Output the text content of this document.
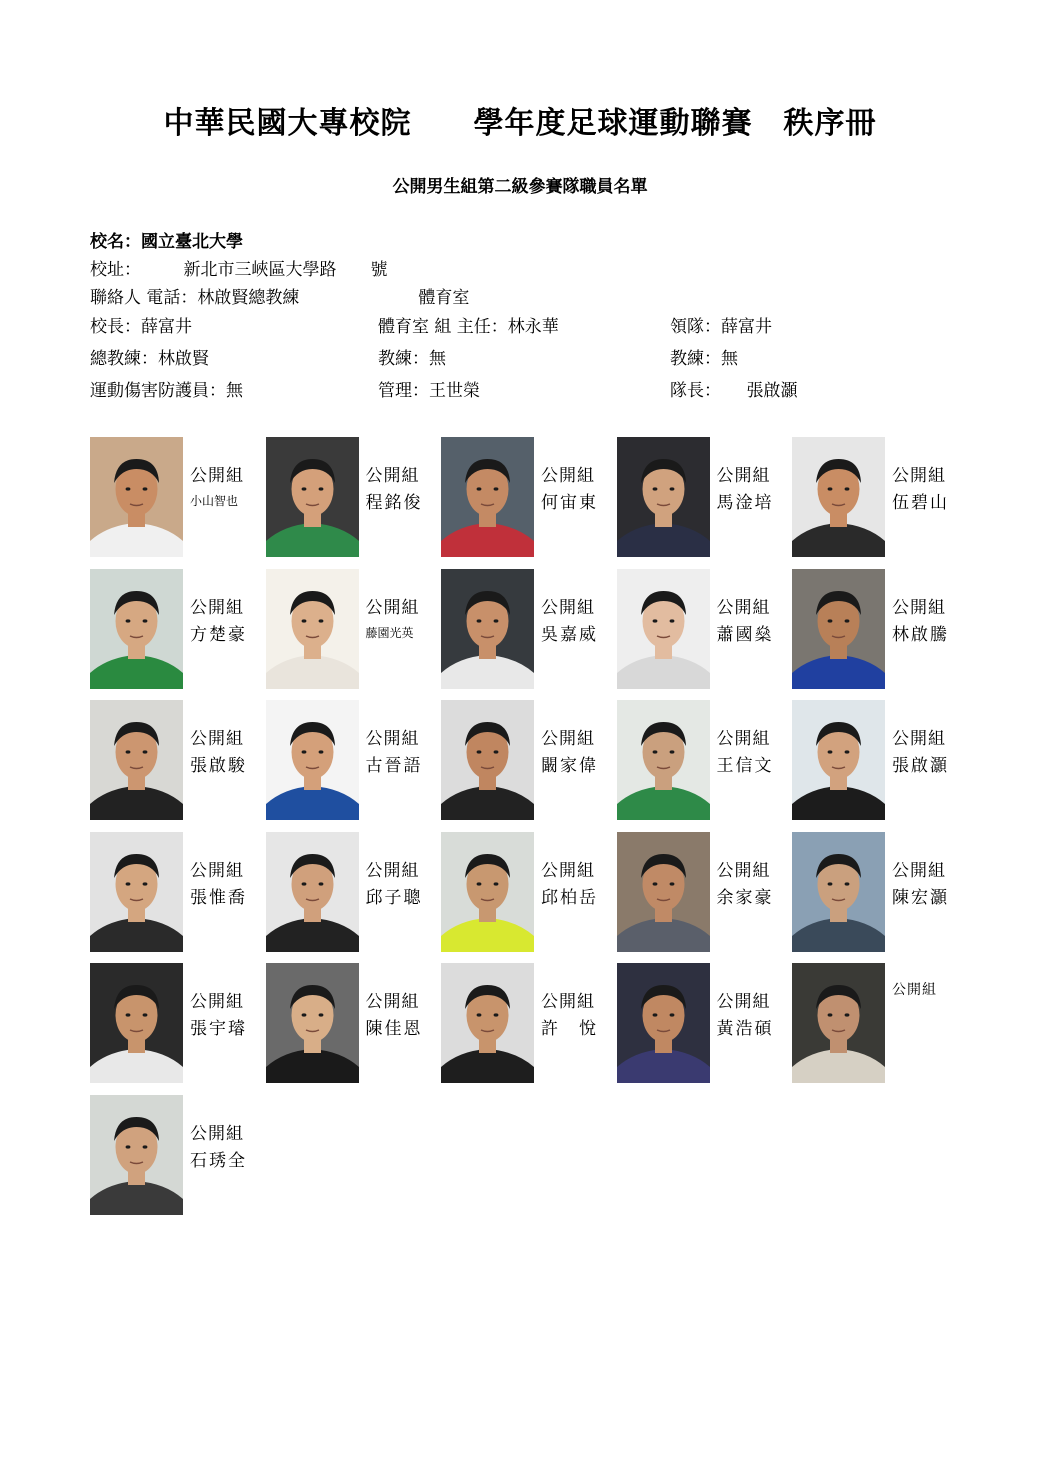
中華民國大專校院　　學年度足球運動聯賽　秩序冊
公開男生組第二級參賽隊職員名單
校名：國立臺北大學
校址：　　　新北市三峽區大學路　　號
聯絡人 電話：林啟賢總教練　　　　　　　體育室
校長：薛富井	體育室 組 主任：林永華	領隊：薛富井
總教練：林啟賢	教練：無	教練：無
運動傷害防護員：無	管理：王世榮	隊長：　　張啟灝
公開組
小山智也
公開組
程銘俊
公開組
何宙東
公開組
馬淦培
公開組
伍碧山
公開組
方楚豪
公開組
藤園光英
公開組
吳嘉威
公開組
蕭國燊
公開組
林啟騰
公開組
張啟駿
公開組
古晉語
公開組
闞家偉
公開組
王信文
公開組
張啟灝
公開組
張惟喬
公開組
邱子聰
公開組
邱柏岳
公開組
余家豪
公開組
陳宏灝
公開組
張宇璿
公開組
陳佳恩
公開組
許　悅
公開組
黃浩碩
公開組
公開組
石琇全
